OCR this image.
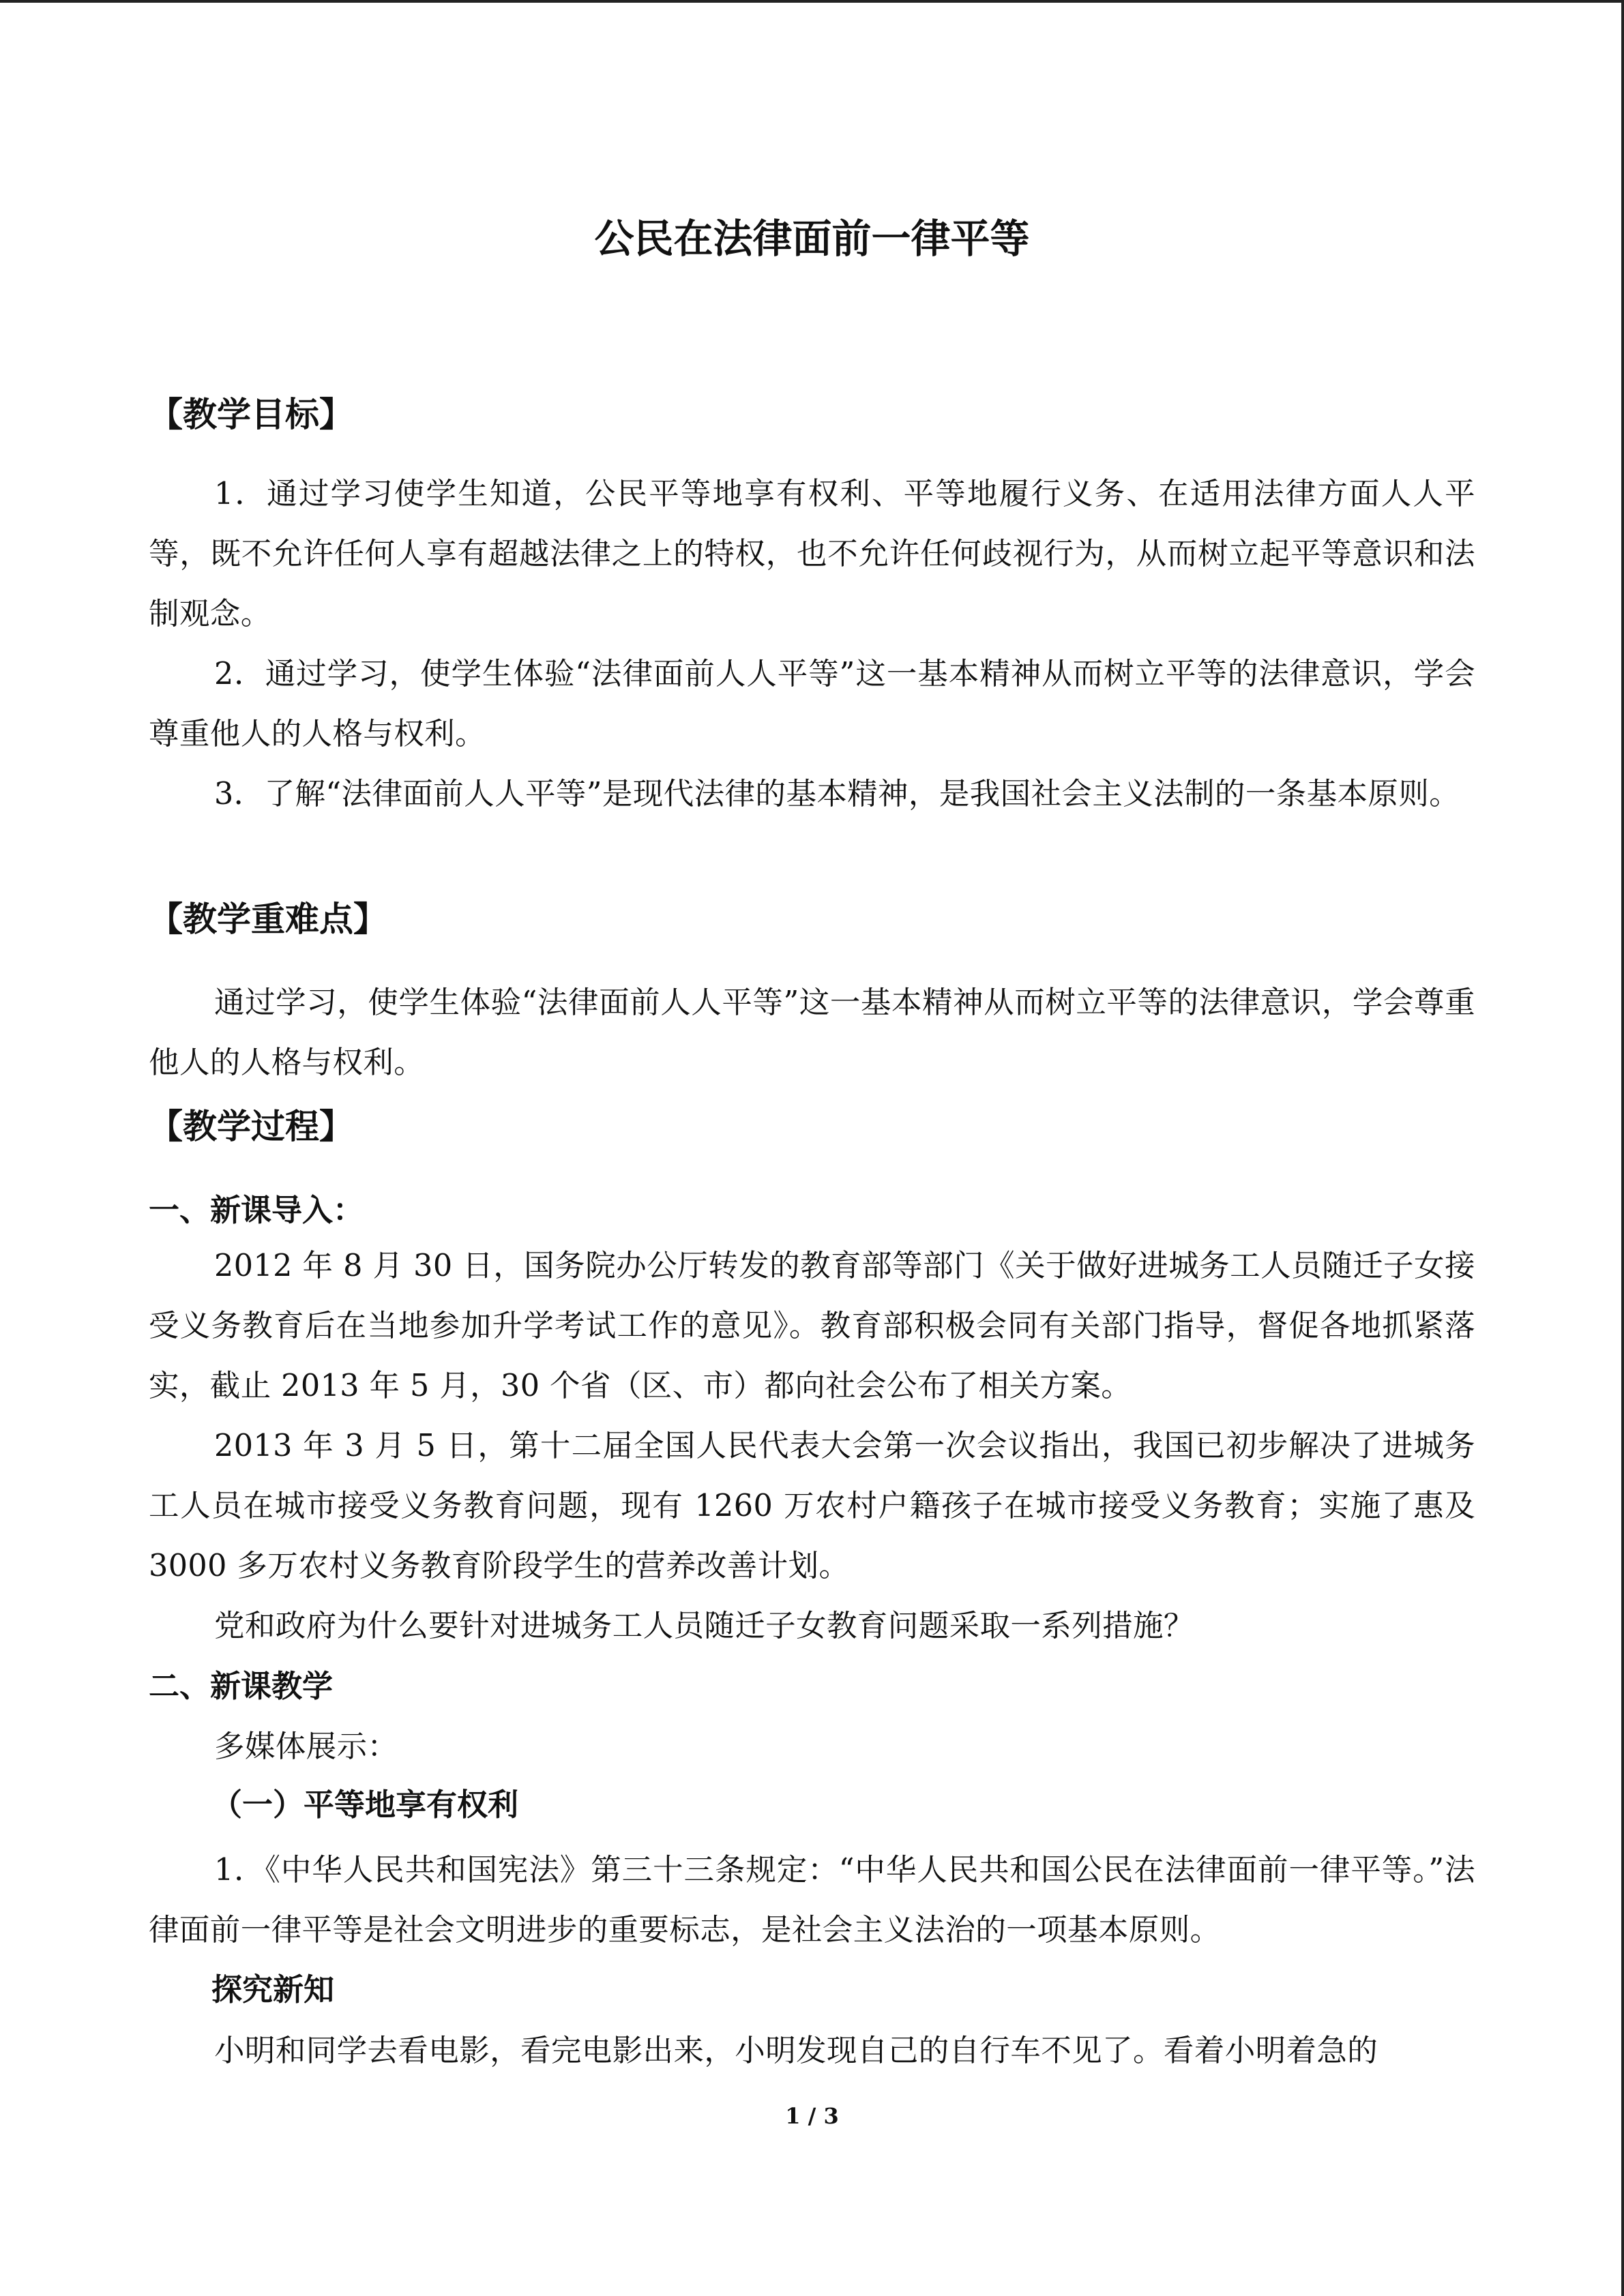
公民在法律面前一律平等
【教学目标】

1．通过学习使学生知道，公民平等地享有权利、平等地履行义务、在适用法律方面人人平等，既不允许任何人享有超越法律之上的特权，也不允许任何歧视行为，从而树立起平等意识和法制观念。

2．通过学习，使学生体验“法律面前人人平等”这一基本精神从而树立平等的法律意识，学会尊重他人的人格与权利。

3．了解“法律面前人人平等”是现代法律的基本精神，是我国社会主义法制的一条基本原则。

【教学重难点】

通过学习，使学生体验“法律面前人人平等”这一基本精神从而树立平等的法律意识，学会尊重他人的人格与权利。

【教学过程】
一、新课导入：

2012 年 8 月 30 日，国务院办公厅转发的教育部等部门《关于做好进城务工人员随迁子女接受义务教育后在当地参加升学考试工作的意见》。教育部积极会同有关部门指导，督促各地抓紧落实，截止 2013 年 5 月，30 个省（区、市）都向社会公布了相关方案。

2013 年 3 月 5 日，第十二届全国人民代表大会第一次会议指出，我国已初步解决了进城务工人员在城市接受义务教育问题，现有 1260 万农村户籍孩子在城市接受义务教育；实施了惠及 3000 多万农村义务教育阶段学生的营养改善计划。

党和政府为什么要针对进城务工人员随迁子女教育问题采取一系列措施？

二、新课教学

多媒体展示：

（一）平等地享有权利

1．《中华人民共和国宪法》第三十三条规定：“中华人民共和国公民在法律面前一律平等。”法律面前一律平等是社会文明进步的重要标志，是社会主义法治的一项基本原则。

探究新知

小明和同学去看电影，看完电影出来，小明发现自己的自行车不见了。看着小明着急的

1 / 3
